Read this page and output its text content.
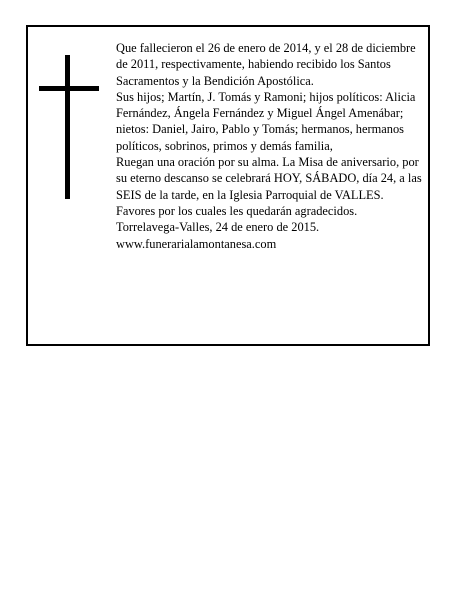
Que fallecieron el 26 de enero de 2014, y el 28 de diciembre de 2011, respectivamente, habiendo recibido los Santos Sacramentos y la Bendición Apostólica.

Sus hijos; Martín, J. Tomás y Ramoni; hijos políticos: Alicia Fernández, Ángela Fernández y Miguel Ángel Amenábar; nietos: Daniel, Jairo, Pablo y Tomás; hermanos, hermanos políticos, sobrinos, primos y demás familia,

Ruegan una oración por su alma. La Misa de aniversario, por su eterno descanso se celebrará HOY, SÁBADO, día 24, a las SEIS de la tarde, en la Iglesia Parroquial de VALLES. Favores por los cuales les quedarán agradecidos.

Torrelavega-Valles, 24 de enero de 2015.

www.funerarialamontanesa.com
